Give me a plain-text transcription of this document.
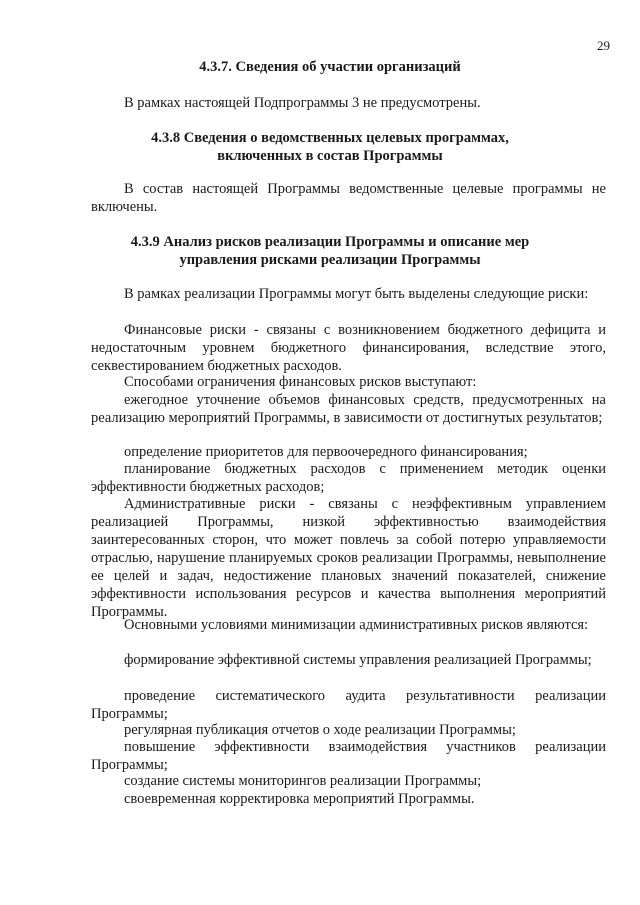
29
4.3.7. Сведения об участии организаций
В рамках настоящей Подпрограммы 3 не предусмотрены.
4.3.8 Сведения о ведомственных целевых программах,
включенных в состав Программы
В состав настоящей Программы ведомственные целевые программы не включены.
4.3.9 Анализ рисков реализации Программы и описание мер
управления рисками реализации Программы
В рамках реализации Программы могут быть выделены следующие риски:
Финансовые риски - связаны с возникновением бюджетного дефицита и недостаточным уровнем бюджетного финансирования, вследствие этого, секвестированием бюджетных расходов.
Способами ограничения финансовых рисков выступают:
ежегодное уточнение объемов финансовых средств, предусмотренных на реализацию мероприятий Программы, в зависимости от достигнутых результатов;
определение приоритетов для первоочередного финансирования;
планирование бюджетных расходов с применением методик оценки эффективности бюджетных расходов;
Административные риски - связаны с неэффективным управлением реализацией Программы, низкой эффективностью взаимодействия заинтересованных сторон, что может повлечь за собой потерю управляемости отраслью, нарушение планируемых сроков реализации Программы, невыполнение ее целей и задач, недостижение плановых значений показателей, снижение эффективности использования ресурсов и качества выполнения мероприятий Программы.
Основными условиями минимизации административных рисков являются:
формирование эффективной системы управления реализацией Программы;
проведение систематического аудита результативности реализации Программы;
регулярная публикация отчетов о ходе реализации Программы;
повышение эффективности взаимодействия участников реализации Программы;
создание системы мониторингов реализации Программы;
своевременная корректировка мероприятий Программы.
